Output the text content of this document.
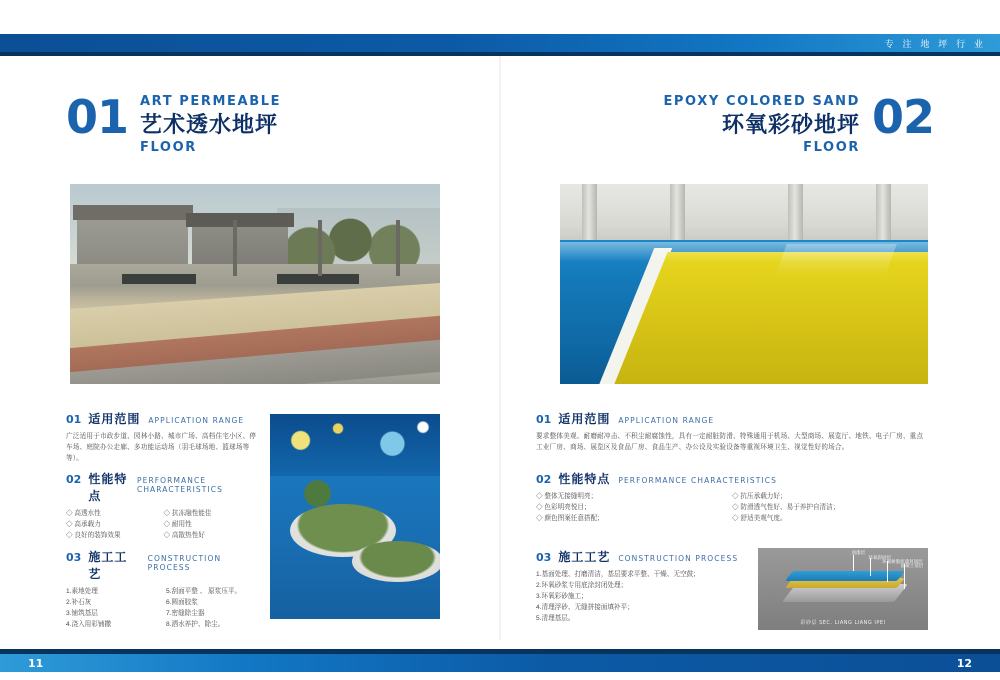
专 注 地 坪 行 业
01 ART PERMEABLE
艺术透水地坪
FLOOR
01 适用范围 APPLICATION RANGE

广泛适用于市政步道、园林小路、城市广场、高档住宅小区、停车场、庭院办公走廊、多功能运动场（羽毛球场地、篮球场等等）。

02 性能特点
PERFORMANCE CHARACTERISTICS
◇ 高透水性
◇ 高承载力
◇ 良好的装饰效果
◇ 抗冻融性能佳
◇ 耐用性
◇ 高散热性好
03 施工工艺
CONSTRUCTION PROCESS
1.素地处理
2.补石灰
3.铺筑基层
4.浇入用彩铺撒
5.刮面平整 、 原浆压平。
6.圆面胶浆
7.密缝除尘器
8.洒水养护、除尘。
02
EPOXY COLORED SAND
环氧彩砂地坪
FLOOR
01 适用范围 APPLICATION RANGE

要求整体美观、耐磨耐冲击、不积尘耐腐蚀性，具有一定耐脏防滑、特殊通用于机场、大型商场、展览厅、地铁、电子厂房、重点工业厂房、商场、展览区及食品厂房、食品生产、办公设及实验设备等重视环境卫生、视觉性好的场合。

02 性能特点 PERFORMANCE CHARACTERISTICS
◇ 整体无接缝明亮；
◇ 色彩明亮悦目；
◇ 颜色图案任意搭配；
◇ 抗压承载力好；
◇ 防滑透气性好、易于养护自清洁；
◇ 舒适美观气度。
03 施工工艺 CONSTRUCTION PROCESS
1.基面处理、打磨清洁，基层要求平整、干燥、无空鼓；
2.环氧砂浆专用底涂封闭处理；
3.环氧彩砂施工；
4.清理浮砂、无缝拼接面填补平；
5.清理基层。
面漆层
环氧彩砂层
环氧树脂底漆封闭层
混凝土基层
彩砂层 SEC. LIANG LIANG IPEI
11	12
